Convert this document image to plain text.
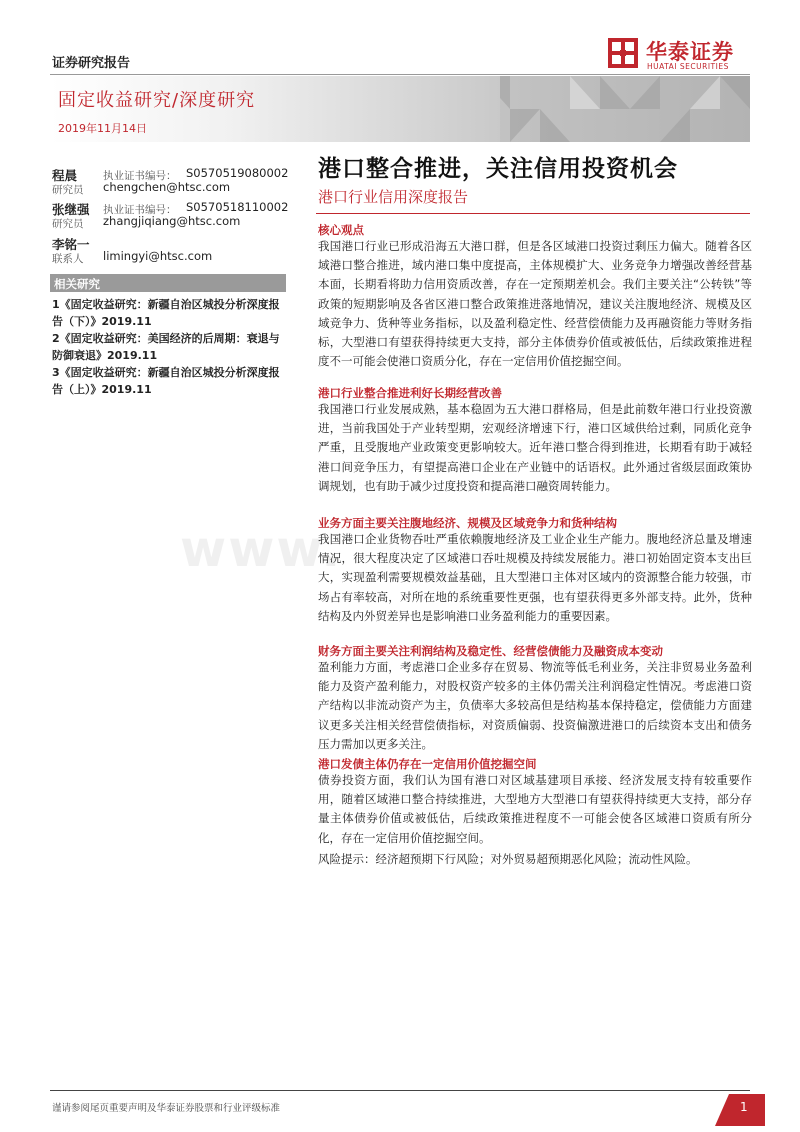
证券研究报告
固定收益研究/深度研究
2019年11月14日
华泰证券
HUATAI SECURITIES
程晨 执业证书编号： S0570519080002
研究员 chengchen@htsc.com
张继强 执业证书编号： S0570518110002
研究员 zhangjiqiang@htsc.com
李铭一
联系人 limingyi@htsc.com
相关研究
1《固定收益研究：新疆自治区城投分析深度报告（下）》2019.11
2《固定收益研究：美国经济的后周期：衰退与防御衰退》2019.11
3《固定收益研究：新疆自治区城投分析深度报告（上）》2019.11
www.
港口整合推进，关注信用投资机会
港口行业信用深度报告
核心观点
我国港口行业已形成沿海五大港口群，但是各区域港口投资过剩压力偏大。随着各区域港口整合推进，域内港口集中度提高，主体规模扩大、业务竞争力增强改善经营基本面，长期看将助力信用资质改善，存在一定预期差机会。我们主要关注“公转铁”等政策的短期影响及各省区港口整合政策推进落地情况，建议关注腹地经济、规模及区域竞争力、货种等业务指标，以及盈利稳定性、经营偿债能力及再融资能力等财务指标，大型港口有望获得持续更大支持，部分主体债券价值或被低估，后续政策推进程度不一可能会使港口资质分化，存在一定信用价值挖掘空间。
港口行业整合推进利好长期经营改善
我国港口行业发展成熟，基本稳固为五大港口群格局，但是此前数年港口行业投资激进，当前我国处于产业转型期，宏观经济增速下行，港口区域供给过剩，同质化竞争严重，且受腹地产业政策变更影响较大。近年港口整合得到推进，长期看有助于减轻港口间竞争压力，有望提高港口企业在产业链中的话语权。此外通过省级层面政策协调规划，也有助于减少过度投资和提高港口融资周转能力。
业务方面主要关注腹地经济、规模及区域竞争力和货种结构
我国港口企业货物吞吐严重依赖腹地经济及工业企业生产能力。腹地经济总量及增速情况，很大程度决定了区域港口吞吐规模及持续发展能力。港口初始固定资本支出巨大，实现盈利需要规模效益基础，且大型港口主体对区域内的资源整合能力较强，市场占有率较高，对所在地的系统重要性更强，也有望获得更多外部支持。此外，货种结构及内外贸差异也是影响港口业务盈利能力的重要因素。
财务方面主要关注利润结构及稳定性、经营偿债能力及融资成本变动
盈利能力方面，考虑港口企业多存在贸易、物流等低毛利业务，关注非贸易业务盈利能力及资产盈利能力，对股权资产较多的主体仍需关注利润稳定性情况。考虑港口资产结构以非流动资产为主，负债率大多较高但是结构基本保持稳定，偿债能力方面建议更多关注相关经营偿债指标，对资质偏弱、投资偏激进港口的后续资本支出和债务压力需加以更多关注。
港口发债主体仍存在一定信用价值挖掘空间
债券投资方面，我们认为国有港口对区域基建项目承接、经济发展支持有较重要作用，随着区域港口整合持续推进，大型地方大型港口有望获得持续更大支持，部分存量主体债券价值或被低估，后续政策推进程度不一可能会使各区域港口资质有所分化，存在一定信用价值挖掘空间。
风险提示：经济超预期下行风险；对外贸易超预期恶化风险；流动性风险。
谨请参阅尾页重要声明及华泰证券股票和行业评级标准	1
